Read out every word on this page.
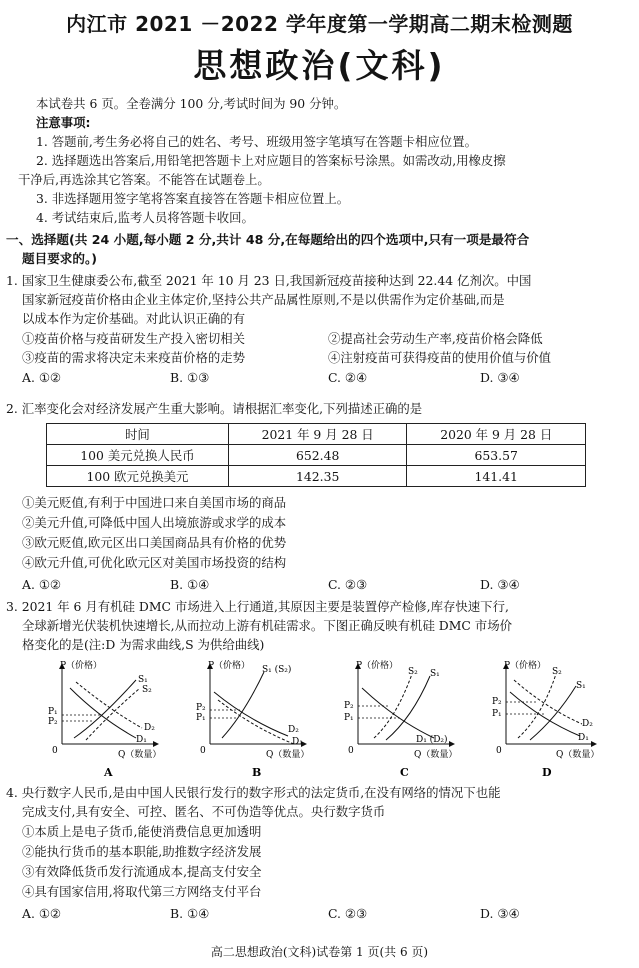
内江市 2021 －2022 学年度第一学期高二期末检测题
思想政治(文科)
本试卷共 6 页。全卷满分 100 分,考试时间为 90 分钟。
注意事项:
1. 答题前,考生务必将自己的姓名、考号、班级用签字笔填写在答题卡相应位置。
2. 选择题选出答案后,用铅笔把答题卡上对应题目的答案标号涂黑。如需改动,用橡皮擦
干净后,再选涂其它答案。不能答在试题卷上。
3. 非选择题用签字笔将答案直接答在答题卡相应位置上。
4. 考试结束后,监考人员将答题卡收回。
一、选择题(共 24 小题,每小题 2 分,共计 48 分,在每题给出的四个选项中,只有一项是最符合
题目要求的。)
1. 国家卫生健康委公布,截至 2021 年 10 月 23 日,我国新冠疫苗接种达到 22.44 亿剂次。中国
国家新冠疫苗价格由企业主体定价,坚持公共产品属性原则,不是以供需作为定价基础,而是
以成本作为定价基础。对此认识正确的有
①疫苗价格与疫苗研发生产投入密切相关	②提高社会劳动生产率,疫苗价格会降低
③疫苗的需求将决定未来疫苗价格的走势	④注射疫苗可获得疫苗的使用价值与价值
A. ①②	B. ①③	C. ②④	D. ③④
2. 汇率变化会对经济发展产生重大影响。请根据汇率变化,下列描述正确的是
时间	2021 年 9 月 28 日	2020 年 9 月 28 日
100 美元兑换人民币	652.48	653.57
100 欧元兑换美元	142.35	141.41
①美元贬值,有利于中国进口来自美国市场的商品
②美元升值,可降低中国人出境旅游或求学的成本
③欧元贬值,欧元区出口美国商品具有价格的优势
④欧元升值,可优化欧元区对美国市场投资的结构
A. ①②	B. ①④	C. ②③	D. ③④
3. 2021 年 6 月有机硅 DMC 市场进入上行通道,其原因主要是装置停产检修,库存快速下行,
全球新增光伏装机快速增长,从而拉动上游有机硅需求。下图正确反映有机硅 DMC 市场价
格变化的是(注:D 为需求曲线,S 为供给曲线)
P（价格）
Q（数量）
0
S₁
S₂
D₁
D₂
P₁
P₂
A
P（价格）
Q（数量）
0
S₁ (S₂)
D₂
D₁
P₂
P₁
B
P（价格）
Q（数量）
0
S₂ S₁
D₁ (D₂)
P₂
P₁
C
P（价格）
Q（数量）
0
S₂
S₁
D₂
D₁
P₂
P₁
D
4. 央行数字人民币,是由中国人民银行发行的数字形式的法定货币,在没有网络的情况下也能
完成支付,具有安全、可控、匿名、不可伪造等优点。央行数字货币
①本质上是电子货币,能使消费信息更加透明
②能执行货币的基本职能,助推数字经济发展
③有效降低货币发行流通成本,提高支付安全
④具有国家信用,将取代第三方网络支付平台
A. ①②	B. ①④	C. ②③	D. ③④
高二思想政治(文科)试卷第 1 页(共 6 页)
